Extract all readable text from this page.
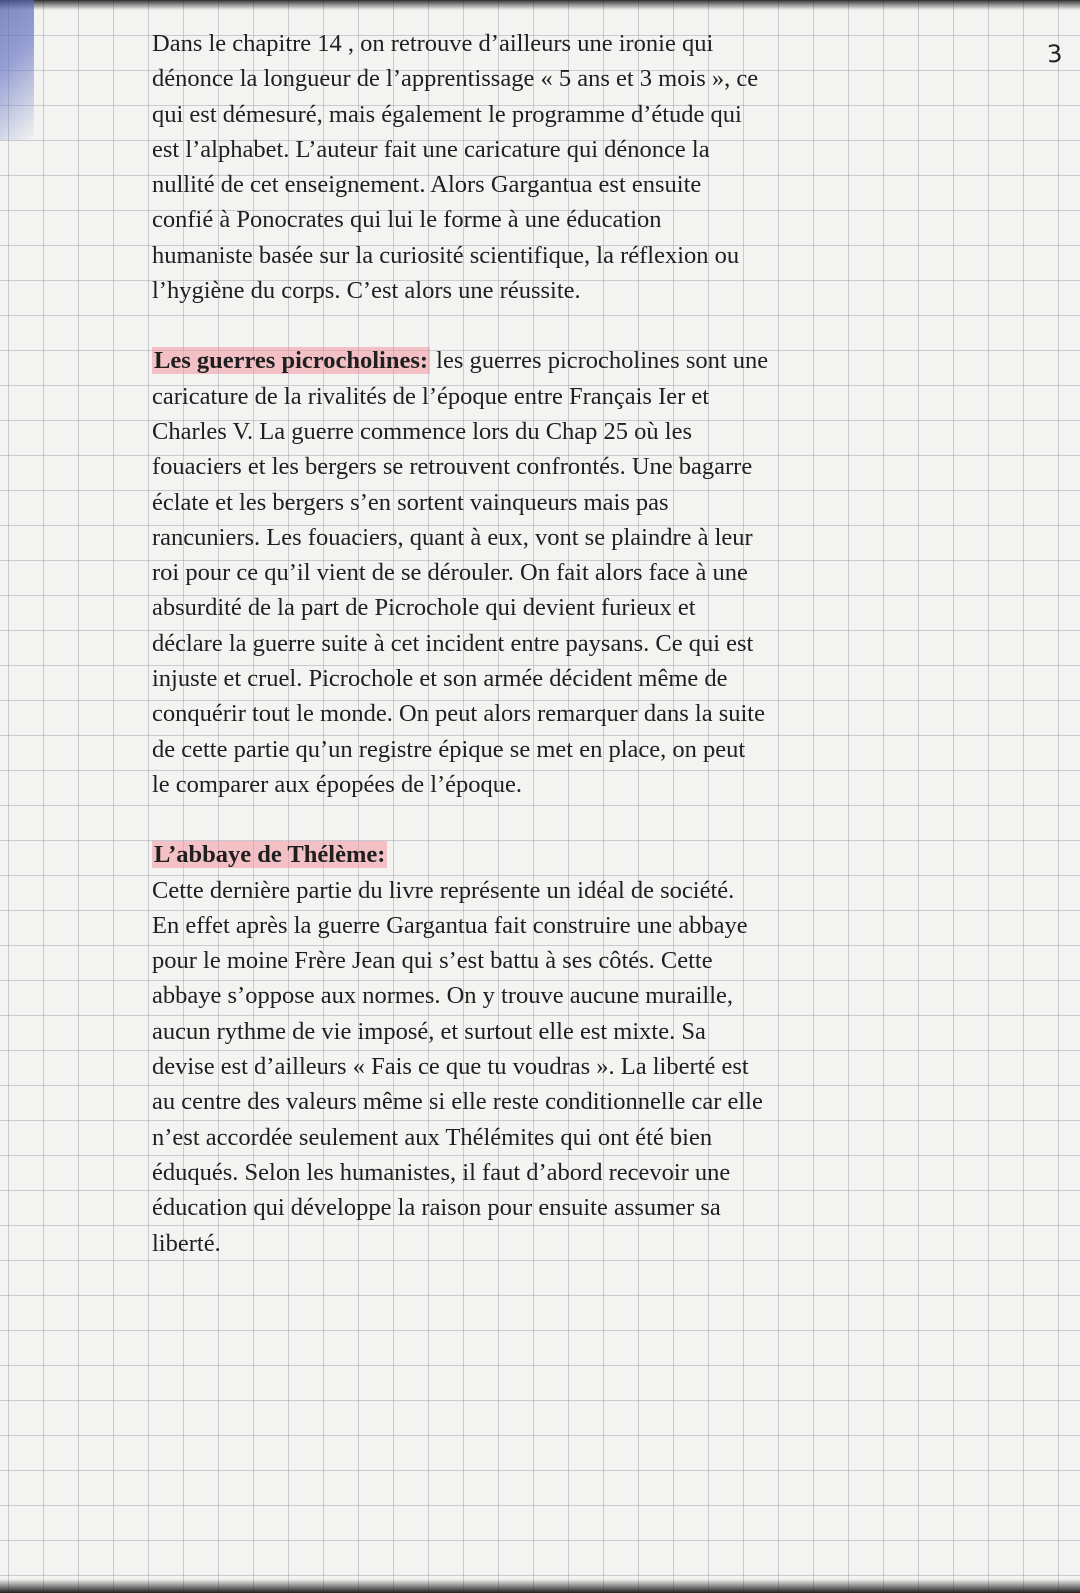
3
Dans le chapitre 14 , on retrouve d’ailleurs une ironie qui
dénonce la longueur de l’apprentissage « 5 ans et 3 mois », ce
qui est démesuré, mais également le programme d’étude qui
est l’alphabet. L’auteur fait une caricature qui dénonce la
nullité de cet enseignement. Alors Gargantua est ensuite
confié à Ponocrates qui lui le forme à une éducation
humaniste basée sur la curiosité scientifique, la réflexion ou
l’hygiène du corps. C’est alors une réussite.
Les guerres picrocholines: les guerres picrocholines sont une
caricature de la rivalités de l’époque entre Français Ier et
Charles V. La guerre commence lors du Chap 25 où les
fouaciers et les bergers se retrouvent confrontés. Une bagarre
éclate et les bergers s’en sortent vainqueurs mais pas
rancuniers. Les fouaciers, quant à eux, vont se plaindre à leur
roi pour ce qu’il vient de se dérouler. On fait alors face à une
absurdité de la part de Picrochole qui devient furieux et
déclare la guerre suite à cet incident entre paysans. Ce qui est
injuste et cruel. Picrochole et son armée décident même de
conquérir tout le monde. On peut alors remarquer dans la suite
de cette partie qu’un registre épique se met en place, on peut
le comparer aux épopées de l’époque.
L’abbaye de Thélème:
Cette dernière partie du livre représente un idéal de société.
En effet après la guerre Gargantua fait construire une abbaye
pour le moine Frère Jean qui s’est battu à ses côtés. Cette
abbaye s’oppose aux normes. On y trouve aucune muraille,
aucun rythme de vie imposé, et surtout elle est mixte. Sa
devise est d’ailleurs « Fais ce que tu voudras ». La liberté est
au centre des valeurs même si elle reste conditionnelle car elle
n’est accordée seulement aux Thélémites qui ont été bien
éduqués. Selon les humanistes, il faut d’abord recevoir une
éducation qui développe la raison pour ensuite assumer sa
liberté.
